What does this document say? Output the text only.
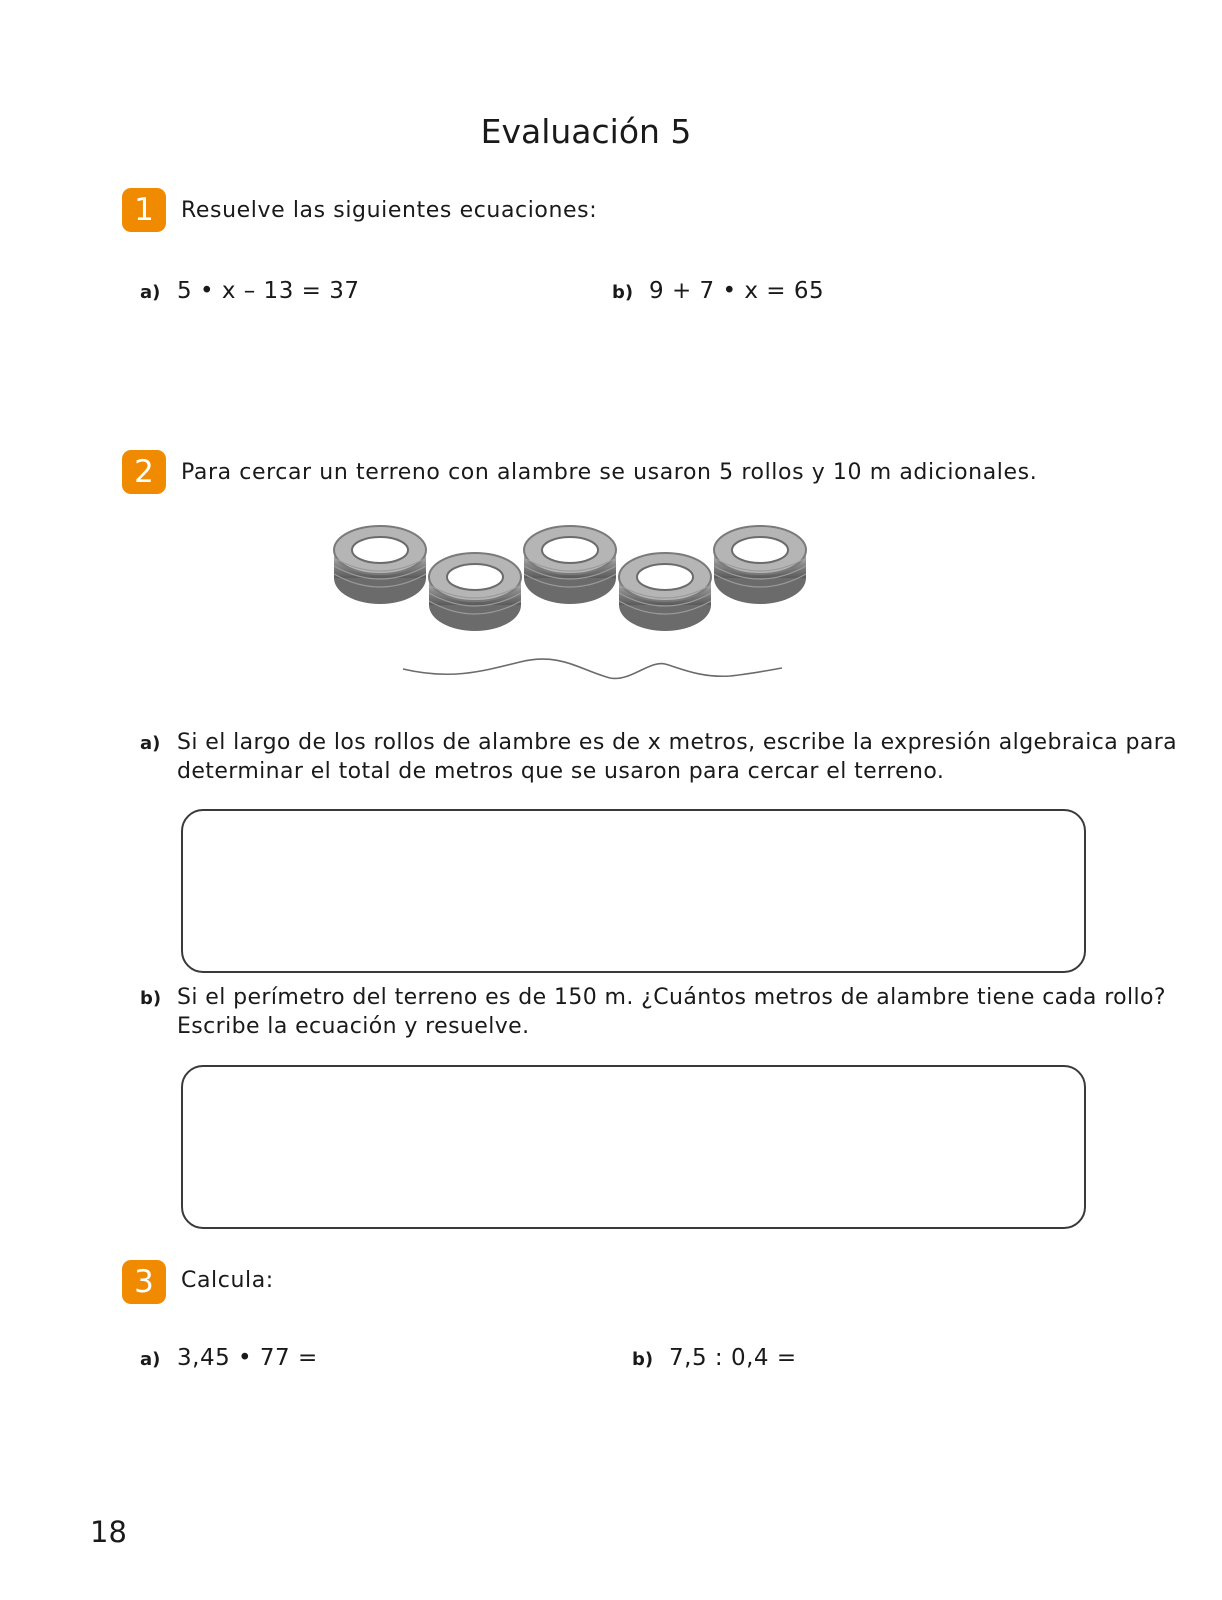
Evaluación 5
1	Resuelve las siguientes ecuaciones:
a) 5 • x – 13 = 37	b) 9 + 7 • x = 65
2	Para cercar un terreno con alambre se usaron 5 rollos y 10 m adicionales.
a) Si el largo de los rollos de alambre es de x metros, escribe la expresión algebraica para
determinar el total de metros que se usaron para cercar el terreno.
b) Si el perímetro del terreno es de 150 m. ¿Cuántos metros de alambre tiene cada rollo?
Escribe la ecuación y resuelve.
3	Calcula:
a) 3,45 • 77 =	b) 7,5 : 0,4 =
18
